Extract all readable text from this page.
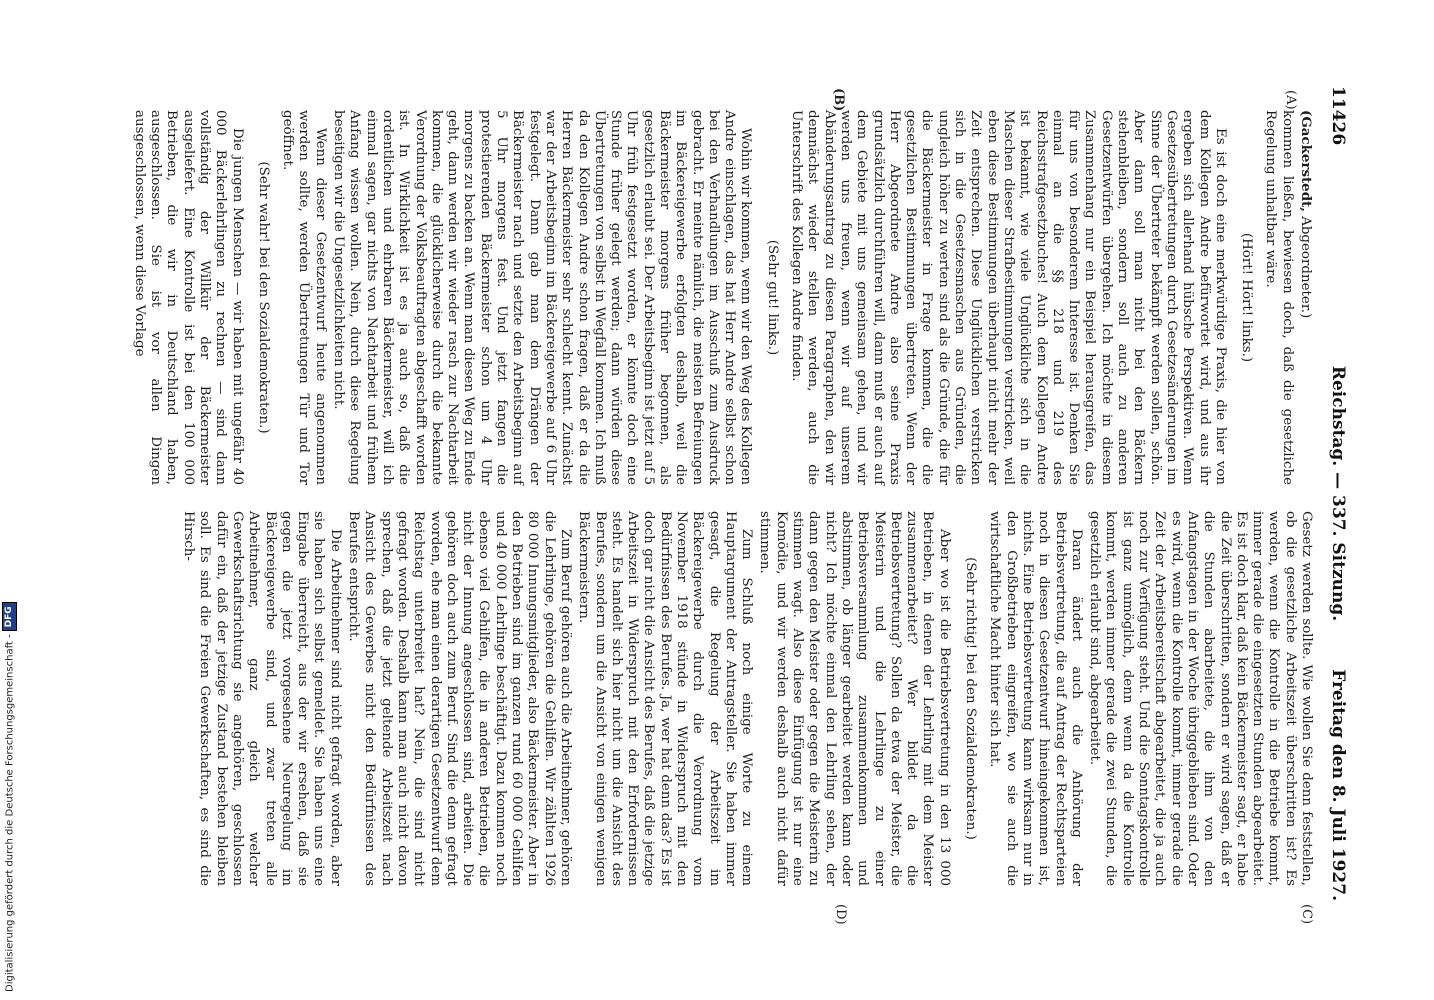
11426
Reichstag. — 337. Sitzung.
Freitag den 8. Juli 1927.
(A)
(B)
(C)
(D)

(Gackerstedt, Abgeordneter.)

kommen ließen, bewiesen doch, daß die gesetzliche Regelung unhaltbar wäre.

(Hört! Hört! links.)

Es ist doch eine merkwürdige Praxis, die hier von dem Kollegen Andre befürwortet wird, und aus ihr ergeben sich allerhand hübsche Perspektiven. Wenn Gesetzesübertretungen durch Gesetzesänderungen im Sinne der Übertreter bekämpft werden sollen, schön. Aber dann soll man nicht bei den Bäckern stehenbleiben, sondern soll auch zu anderen Gesetzentwürfen übergehen. Ich möchte in diesem Zusammenhang nur ein Beispiel herausgreifen, das für uns von besonderem Interesse ist. Denken Sie einmal an die §§ 218 und 219 des Reichsstrafgesetzbuches! Auch dem Kollegen Andre ist bekannt, wie viele Unglückliche sich in die Maschen dieser Strafbestimmungen verstricken, weil eben diese Bestimmungen überhaupt nicht mehr der Zeit entsprechen. Diese Unglücklichen verstricken sich in die Gesetzesmaschen aus Gründen, die ungleich höher zu werten sind als die Gründe, die für die Bäckermeister in Frage kommen, die die gesetzlichen Bestimmungen übertreten. Wenn der Herr Abgeordnete Andre also seine Praxis grundsätzlich durchführen will, dann muß er auch auf dem Gebiete mit uns gemeinsam gehen, und wir werden uns freuen, wenn wir auf unserem Abänderungsantrag zu diesen Paragraphen, den wir demnächst wieder stellen werden, auch die Unterschrift des Kollegen Andre finden.

(Sehr gut! links.)

Wohin wir kommen, wenn wir den Weg des Kollegen Andre einschlagen, das hat Herr Andre selbst schon bei den Verhandlungen im Ausschuß zum Ausdruck gebracht. Er meinte nämlich, die meisten Befreiungen im Bäckereigewerbe erfolgten deshalb, weil die Bäckermeister morgens früher begonnen, als gesetzlich erlaubt sei. Der Arbeitsbeginn ist jetzt auf 5 Uhr früh festgesetzt worden, er könnte doch eine Stunde früher gelegt werden; dann würden diese Übertretungen von selbst in Wegfall kommen. Ich muß da den Kollegen Andre schon fragen, daß er da die Herren Bäckermeister sehr schlecht kennt. Zunächst war der Arbeitsbeginn im Bäckereigewerbe auf 6 Uhr festgelegt. Dann gab man dem Drängen der Bäckermeister nach und setzte den Arbeitsbeginn auf 5 Uhr morgens fest. Und jetzt fangen die protestierenden Bäckermeister schon um 4 Uhr morgens zu backen an. Wenn man diesen Weg zu Ende geht, dann werden wir wieder rasch zur Nachtarbeit kommen, die glücklicherweise durch die bekannte Verordnung der Volksbeauftragten abgeschafft worden ist. In Wirklichkeit ist es ja auch so, daß die ordentlichen und ehrbaren Bäckermeister, will ich einmal sagen, gar nichts von Nachtarbeit und frühem Anfang wissen wollen. Nein, durch diese Regelung beseitigen wir die Ungesetzlichkeiten nicht.

Wenn dieser Gesetzentwurf heute angenommen werden sollte, werden Übertretungen Tür und Tor geöffnet.

(Sehr wahr! bei den Sozialdemokraten.)

Die jungen Menschen — wir haben mit ungefähr 40 000 Bäckerlehrlingen zu rechnen — sind dann vollständig der Willkür der Bäckermeister ausgeliefert. Eine Kontrolle ist bei den 100 000 Betrieben, die wir in Deutschland haben, ausgeschlossen. Sie ist vor allen Dingen ausgeschlossen, wenn diese Vorlage

Gesetz werden sollte. Wie wollen Sie denn feststellen, ob die gesetzliche Arbeitszeit überschritten ist? Es werden, wenn die Kontrolle in die Betriebe kommt, immer gerade die eingesetzten Stunden abgearbeitet. Es ist doch klar, daß kein Bäckermeister sagt, er habe die Zeit überschritten, sondern er wird sagen, daß er die Stunden abarbeitete, die ihm von den Anfangstagen in der Woche übriggeblieben sind. Oder es wird, wenn die Kontrolle kommt, immer gerade die Zeit der Arbeitsbereitschaft abgearbeitet, die ja auch noch zur Verfügung steht. Und die Sonntagskontrolle ist ganz unmöglich, denn wenn da die Kontrolle kommt, werden immer gerade die zwei Stunden, die gesetzlich erlaubt sind, abgearbeitet.

Daran ändert auch die Anhörung der Betriebsvertretung, die auf Antrag der Rechtsparteien noch in diesen Gesetzentwurf hineingekommen ist, nichts. Eine Betriebsvertretung kann wirksam nur in den Großbetrieben eingreifen, wo sie auch die wirtschaftliche Macht hinter sich hat.

(Sehr richtig! bei den Sozialdemokraten.)

Aber wo ist die Betriebsvertretung in den 13 000 Betrieben, in denen der Lehrling mit dem Meister zusammenarbeitet? Wer bildet da die Betriebsvertretung? Sollen da etwa der Meister, die Meisterin und die Lehrlinge zu einer Betriebsversammlung zusammenkommen und abstimmen, ob länger gearbeitet werden kann oder nicht? Ich möchte einmal den Lehrling sehen, der dann gegen den Meister oder gegen die Meisterin zu stimmen wagt. Also diese Einfügung ist nur eine Komödie, und wir werden deshalb auch nicht dafür stimmen.

Zum Schluß noch einige Worte zu einem Hauptargument der Antragsteller. Sie haben immer gesagt, die Regelung der Arbeitszeit im Bäckereigewerbe durch die Verordnung vom November 1918 stünde in Widerspruch mit den Bedürfnissen des Berufes. Ja, wer hat denn das? Es ist doch gar nicht die Ansicht des Berufes, daß die jetzige Arbeitszeit in Widerspruch mit den Erfordernissen steht. Es handelt sich hier nicht um die Ansicht des Berufes, sondern um die Ansicht von einigen wenigen Bäckermeistern.

Zum Beruf gehören auch die Arbeitnehmer, gehören die Lehrlinge, gehören die Gehilfen. Wir zählten 1926 80 000 Innungsmitglieder, also Bäckermeister. Aber in den Betrieben sind im ganzen rund 60 000 Gehilfen und 40 000 Lehrlinge beschäftigt. Dazu kommen noch ebenso viel Gehilfen, die in anderen Betrieben, die nicht der Innung angeschlossen sind, arbeiten. Die gehören doch auch zum Beruf. Sind die denn gefragt worden, ehe man einen derartigen Gesetzentwurf dem Reichstag unterbreitet hat? Nein, die sind nicht gefragt worden. Deshalb kann man auch nicht davon sprechen, daß die jetzt geltende Arbeitszeit nach Ansicht des Gewerbes nicht den Bedürfnissen des Berufes entspricht.

Die Arbeitnehmer sind nicht gefragt worden, aber sie haben sich selbst gemeldet. Sie haben uns eine Eingabe überreicht, aus der wir ersehen, daß sie gegen die jetzt vorgesehene Neuregelung im Bäckereigewerbe sind, und zwar treten alle Arbeitnehmer, ganz gleich welcher Gewerkschaftsrichtung sie angehören, geschlossen dafür ein, daß der jetzige Zustand bestehen bleiben soll. Es sind die Freien Gewerkschaften, es sind die Hirsch-

Digitalisierung gefördert durch die Deutsche Forschungsgemeinschaft -DFG
